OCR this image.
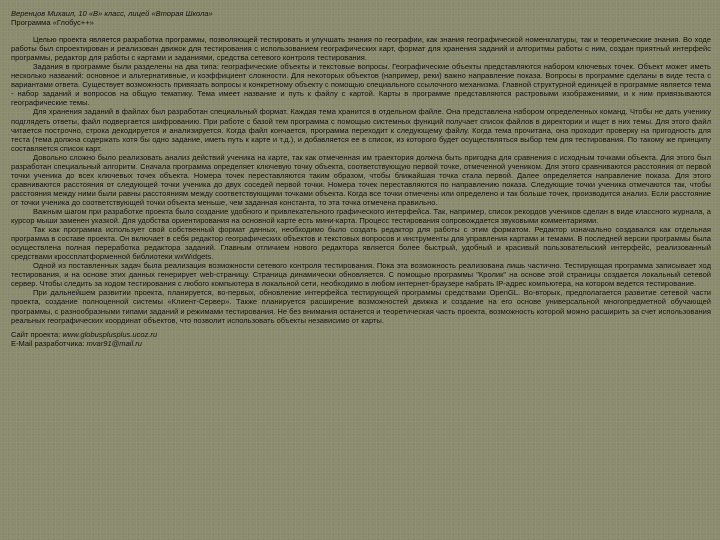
Веренцов Михаил, 10 «В» класс, лицей «Вторая Школа»

Программа «Глобус++»

Целью проекта является разработка программы, позволяющей тестировать и улучшать знания по географии, как знания географической номенклатуры, так и теоретические знания. Во ходе работы был спроектирован и реализован движок для тестирования с использованием географических карт, формат для хранения заданий и алгоритмы работы с ним, создан приятный интерфейс программы, редактор для работы с картами и заданиями, средства сетевого контроля тестирования.

Задания в программе были разделены на два типа: географические объекты и текстовые вопросы. Географические объекты представляются набором ключевых точек. Объект может иметь несколько названий: основное и альтернативные, и коэффициент сложности. Для некоторых объектов (например, реки) важно направление показа. Вопросы в программе сделаны в виде теста с вариантами ответа. Существует возможность привязать вопросы к конкретному объекту с помощью специального ссылочного механизма. Главной структурной единицей в программе является тема - набор заданий и вопросов на общую тематику. Тема имеет название и путь к файлу с картой. Карты в программе представляются растровыми изображениями, и к ним привязываются географические темы.

Для хранения заданий в файлах был разработан специальный формат. Каждая тема хранится в отдельном файле. Она представлена набором определенных команд. Чтобы не дать ученику подглядеть ответы, файл подвергается шифрованию. При работе с базой тем программа с помощью системных функций получает список файлов в директории и ищет в них темы. Для этого файл читается построчно, строка декодируется и анализируется. Когда файл кончается, программа переходит к следующему файлу. Когда тема прочитана, она проходит проверку на пригодность для теста (тема должна содержать хотя бы одно задание, иметь путь к карте и т.д.), и добавляется ее в список, из которого будет осуществляться выбор тем для тестирования. По такому же принципу составляется список карт.

Довольно сложно было реализовать анализ действий ученика на карте, так как отмеченная им траектория должна быть пригодна для сравнения с исходным точками объекта. Для этого был разработан специальный алгоритм. Сначала программа определяет ключевую точку объекта, соответствующую первой точке, отмеченной учеником. Для этого сравниваются расстояния от первой точки ученика до всех ключевых точек объекта. Номера точек переставляются таким образом, чтобы ближайшая точка стала первой. Далее определяется направление показа. Для этого сравниваются расстояния от следующей точки ученика до двух соседей первой точки. Номера точек переставляются по направлению показа. Следующие точки ученика отмечаются так, чтобы расстояния между ними были равны расстояниям между соответствующими точками объекта. Когда все точки отмечены или определено и так больше точек, производится анализ. Если расстояние от точки ученика до соответствующей точки объекта меньше, чем заданная константа, то эта точка отмечена правильно.

Важным шагом при разработке проекта было создание удобного и привлекательного графического интерфейса. Так, например, список рекордов учеников сделан в виде классного журнала, а курсор мыши заменен указкой. Для удобства ориентирования на основной карте есть мини-карта. Процесс тестирования сопровождается звуковыми комментариями.

Так как программа использует свой собственный формат данных, необходимо было создать редактор для работы с этим форматом. Редактор изначально создавался как отдельная программа в составе проекта. Он включает в себя редактор географических объектов и текстовых вопросов и инструменты для управления картами и темами. В последней версии программы была осуществлена полная переработка редактора заданий. Главным отличием нового редактора является более быстрый, удобный и красивый пользовательский интерфейс, реализованный средствами кроссплатформенной библиотеки wxWidgets.

Одной из поставленных задач была реализация возможности сетевого контроля тестирования. Пока эта возможность реализована лишь частично. Тестирующая программа записывает ход тестирования, и на основе этих данных генерирует web-страницу. Страница динамически обновляется. С помощью программы "Кролик" на основе этой страницы создается локальный сетевой сервер. Чтобы следить за ходом тестирования с любого компьютера в локальной сети, необходимо в любом интернет-браузере набрать IP-адрес компьютера, на котором ведется тестирование.

При дальнейшем развитии проекта, планируется, во-первых, обновление интерфейса тестирующей программы средствами OpenGL. Во-вторых, предполагается развитие сетевой части проекта, создание полноценной системы «Клиент-Сервер». Также планируется расширение возможностей движка и создание на его основе универсальной многопредметной обучающей программы, с разнообразными типами заданий и режимами тестирования. Не без внимания останется и теоретическая часть проекта, возможность которой можно расширить за счет использования реальных географических координат объектов, что позволит использовать объекты независимо от карты.

Сайт проекта: www.globusplusplus.ucoz.ru
E-Mail разработчика: mvar91@mail.ru
